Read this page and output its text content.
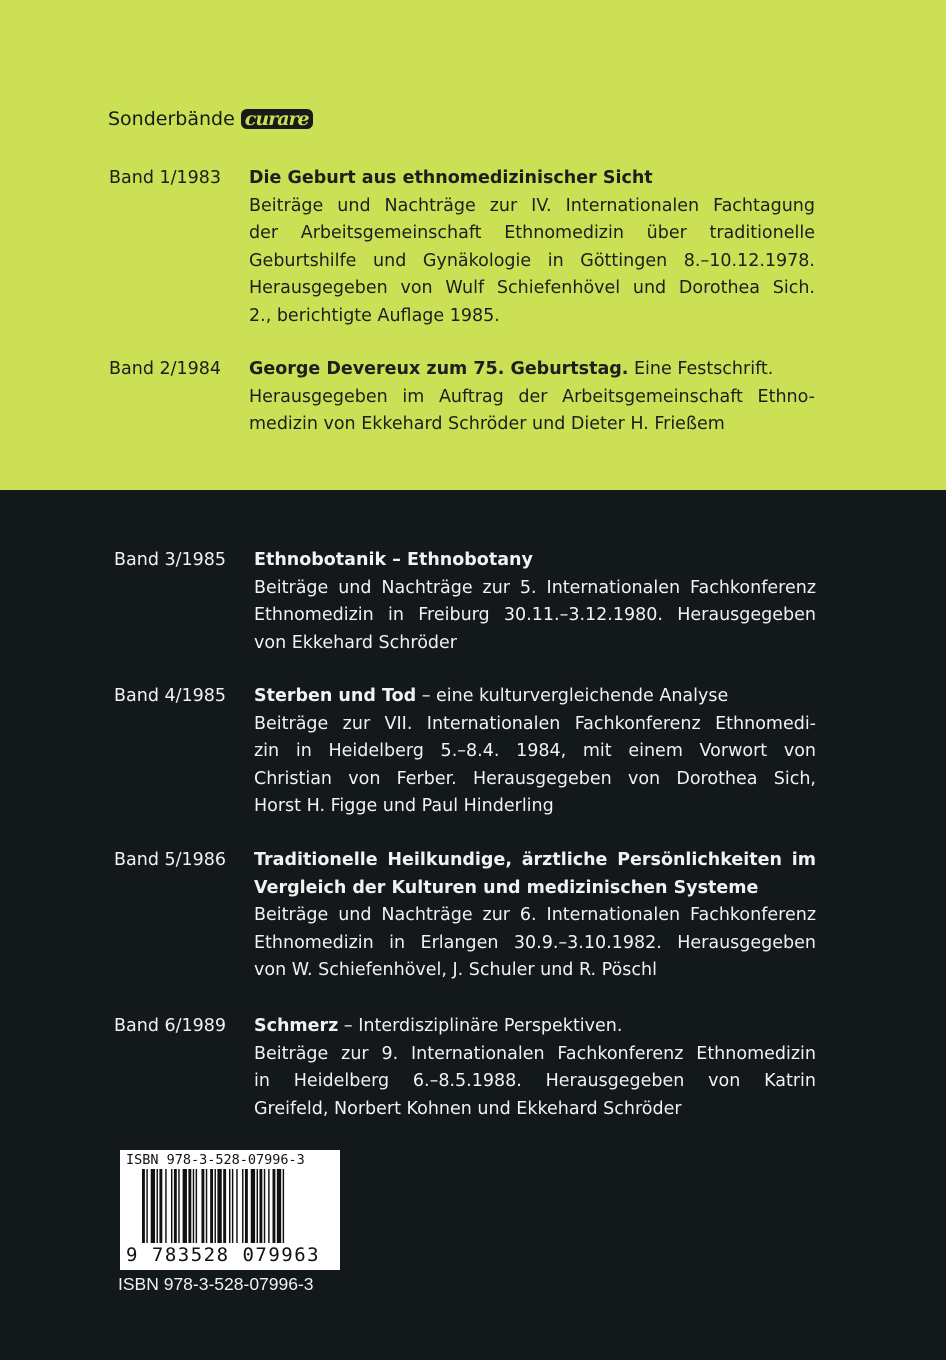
Sonderbände curare
Band 1/1983	Die Geburt aus ethnomedizinischer Sicht
Beiträge und Nachträge zur IV. Internationalen Fachtagung
der Arbeitsgemeinschaft Ethnomedizin über traditionelle
Geburtshilfe und Gynäkologie in Göttingen 8.–10.12.1978.
Herausgegeben von Wulf Schiefenhövel und Dorothea Sich.
2., berichtigte Auflage 1985.
Band 2/1984	George Devereux zum 75. Geburtstag. Eine Festschrift.
Herausgegeben im Auftrag der Arbeitsgemeinschaft Ethno-
medizin von Ekkehard Schröder und Dieter H. Frießem
Band 3/1985	Ethnobotanik – Ethnobotany
Beiträge und Nachträge zur 5. Internationalen Fachkonferenz
Ethnomedizin in Freiburg 30.11.–3.12.1980. Herausgegeben
von Ekkehard Schröder
Band 4/1985	Sterben und Tod – eine kulturvergleichende Analyse
Beiträge zur VII. Internationalen Fachkonferenz Ethnomedi-
zin in Heidelberg 5.–8.4. 1984, mit einem Vorwort von
Christian von Ferber. Herausgegeben von Dorothea Sich,
Horst H. Figge und Paul Hinderling
Band 5/1986	Traditionelle Heilkundige, ärztliche Persönlichkeiten im
Vergleich der Kulturen und medizinischen Systeme
Beiträge und Nachträge zur 6. Internationalen Fachkonferenz
Ethnomedizin in Erlangen 30.9.–3.10.1982. Herausgegeben
von W. Schiefenhövel, J. Schuler und R. Pöschl
Band 6/1989	Schmerz – Interdisziplinäre Perspektiven.
Beiträge zur 9. Internationalen Fachkonferenz Ethnomedizin
in Heidelberg 6.–8.5.1988. Herausgegeben von Katrin
Greifeld, Norbert Kohnen und Ekkehard Schröder
ISBN 978-3-528-07996-3
9 783528 079963
ISBN 978-3-528-07996-3
